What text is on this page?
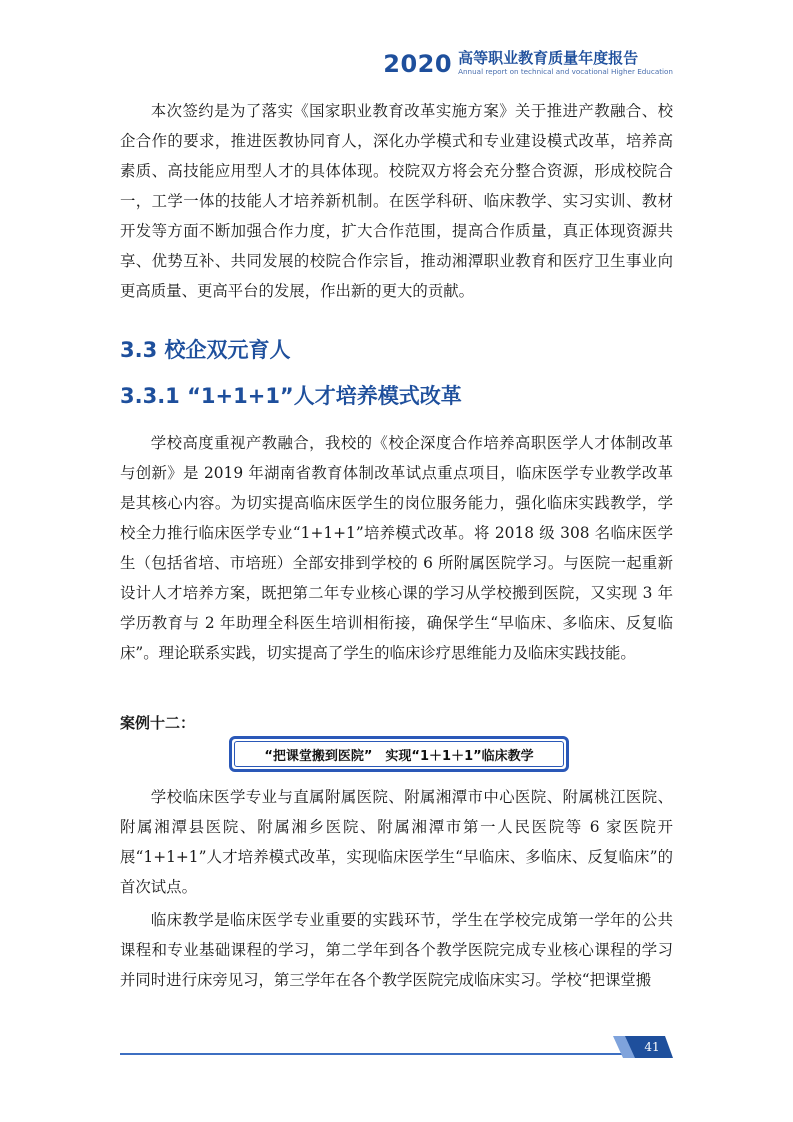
2020 高等职业教育质量年度报告
Annual report on technical and vocational Higher Education

本次签约是为了落实《国家职业教育改革实施方案》关于推进产教融合、校企合作的要求，推进医教协同育人，深化办学模式和专业建设模式改革，培养高素质、高技能应用型人才的具体体现。校院双方将会充分整合资源，形成校院合一，工学一体的技能人才培养新机制。在医学科研、临床教学、实习实训、教材开发等方面不断加强合作力度，扩大合作范围，提高合作质量，真正体现资源共享、优势互补、共同发展的校院合作宗旨，推动湘潭职业教育和医疗卫生事业向更高质量、更高平台的发展，作出新的更大的贡献。

3.3 校企双元育人
3.3.1 “1+1+1”人才培养模式改革

学校高度重视产教融合，我校的《校企深度合作培养高职医学人才体制改革与创新》是 2019 年湖南省教育体制改革试点重点项目，临床医学专业教学改革是其核心内容。为切实提高临床医学生的岗位服务能力，强化临床实践教学，学校全力推行临床医学专业“1+1+1”培养模式改革。将 2018 级 308 名临床医学生（包括省培、市培班）全部安排到学校的 6 所附属医院学习。与医院一起重新设计人才培养方案，既把第二年专业核心课的学习从学校搬到医院，又实现 3 年学历教育与 2 年助理全科医生培训相衔接，确保学生“早临床、多临床、反复临床”。理论联系实践，切实提高了学生的临床诊疗思维能力及临床实践技能。

案例十二：
“把课堂搬到医院”　实现“1＋1＋1”临床教学

学校临床医学专业与直属附属医院、附属湘潭市中心医院、附属桃江医院、附属湘潭县医院、附属湘乡医院、附属湘潭市第一人民医院等 6 家医院开展“1+1+1”人才培养模式改革，实现临床医学生“早临床、多临床、反复临床”的首次试点。

临床教学是临床医学专业重要的实践环节，学生在学校完成第一学年的公共课程和专业基础课程的学习，第二学年到各个教学医院完成专业核心课程的学习并同时进行床旁见习，第三学年在各个教学医院完成临床实习。学校“把课堂搬

41
